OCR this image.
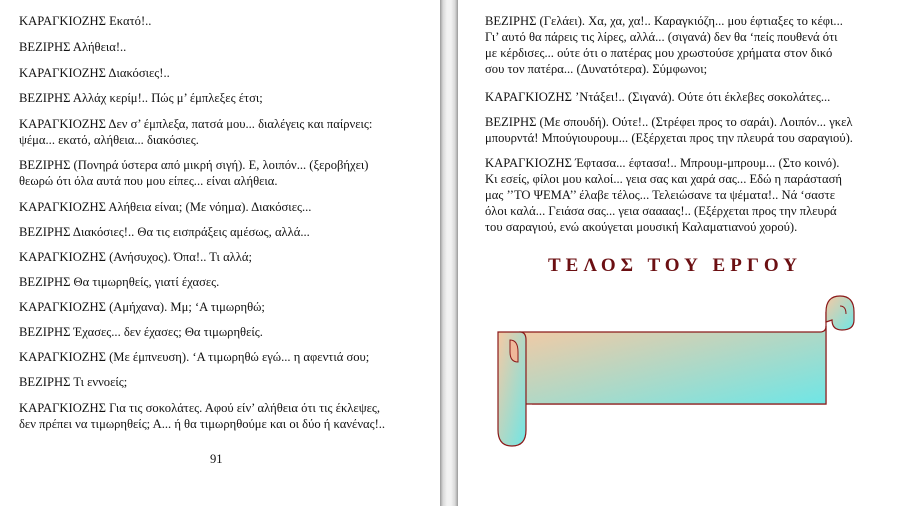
ΚΑΡΑΓΚΙΟΖΗΣ Εκατό!..

ΒΕΖΙΡΗΣ Αλήθεια!..

ΚΑΡΑΓΚΙΟΖΗΣ Διακόσιες!..

ΒΕΖΙΡΗΣ Αλλάχ κερίμ!.. Πώς μ’ έμπλεξες έτσι;

ΚΑΡΑΓΚΙΟΖΗΣ Δεν σ’ έμπλεξα, πατσά μου... διαλέγεις και παίρνεις:
ψέμα... εκατό, αλήθεια... διακόσιες.

ΒΕΖΙΡΗΣ (Πονηρά ύστερα από μικρή σιγή). Ε, λοιπόν... (ξεροβήχει)
θεωρώ ότι όλα αυτά που μου είπες... είναι αλήθεια.

ΚΑΡΑΓΚΙΟΖΗΣ Αλήθεια είναι; (Με νόημα). Διακόσιες...

ΒΕΖΙΡΗΣ Διακόσιες!.. Θα τις εισπράξεις αμέσως, αλλά...

ΚΑΡΑΓΚΙΟΖΗΣ (Ανήσυχος). Όπα!.. Τι αλλά;

ΒΕΖΙΡΗΣ Θα τιμωρηθείς, γιατί έχασες.

ΚΑΡΑΓΚΙΟΖΗΣ (Αμήχανα). Μμ; ‘Α τιμωρηθώ;

ΒΕΖΙΡΗΣ Έχασες... δεν έχασες; Θα τιμωρηθείς.

ΚΑΡΑΓΚΙΟΖΗΣ (Με έμπνευση). ‘Α τιμωρηθώ εγώ... η αφεντιά σου;

ΒΕΖΙΡΗΣ Τι εννοείς;

ΚΑΡΑΓΚΙΟΖΗΣ Για τις σοκολάτες. Αφού είν’ αλήθεια ότι τις έκλεψες,
δεν πρέπει να τιμωρηθείς; Α... ή θα τιμωρηθούμε και οι δύο ή κανένας!..

91

ΒΕΖΙΡΗΣ (Γελάει). Χα, χα, χα!.. Καραγκιόζη... μου έφτιαξες το κέφι...
Γι’ αυτό θα πάρεις τις λίρες, αλλά... (σιγανά) δεν θα ‘πείς πουθενά ότι
με κέρδισες... ούτε ότι ο πατέρας μου χρωστούσε χρήματα στον δικό
σου τον πατέρα... (Δυνατότερα). Σύμφωνοι;

ΚΑΡΑΓΚΙΟΖΗΣ ’Ντάξει!.. (Σιγανά). Ούτε ότι έκλεβες σοκολάτες...

ΒΕΖΙΡΗΣ (Με σπουδή). Ούτε!.. (Στρέφει προς το σαράι). Λοιπόν... γκελ
μπουρντά! Μπούγιουρουμ... (Εξέρχεται προς την πλευρά του σαραγιού).

ΚΑΡΑΓΚΙΟΖΗΣ Έφτασα... έφτασα!.. Μπρουμ-μπρουμ... (Στο κοινό).
Κι εσείς, φίλοι μου καλοί... γεια σας και χαρά σας... Εδώ η παράστασή
μας ’’ΤΟ ΨΕΜΑ’’ έλαβε τέλος... Τελειώσανε τα ψέματα!.. Νά ‘σαστε
όλοι καλά... Γειάσα σας... γεια σαααας!.. (Εξέρχεται προς την πλευρά
του σαραγιού, ενώ ακούγεται μουσική Καλαματιανού χορού).

ΤΕΛΟΣ ΤΟΥ ΕΡΓΟΥ
